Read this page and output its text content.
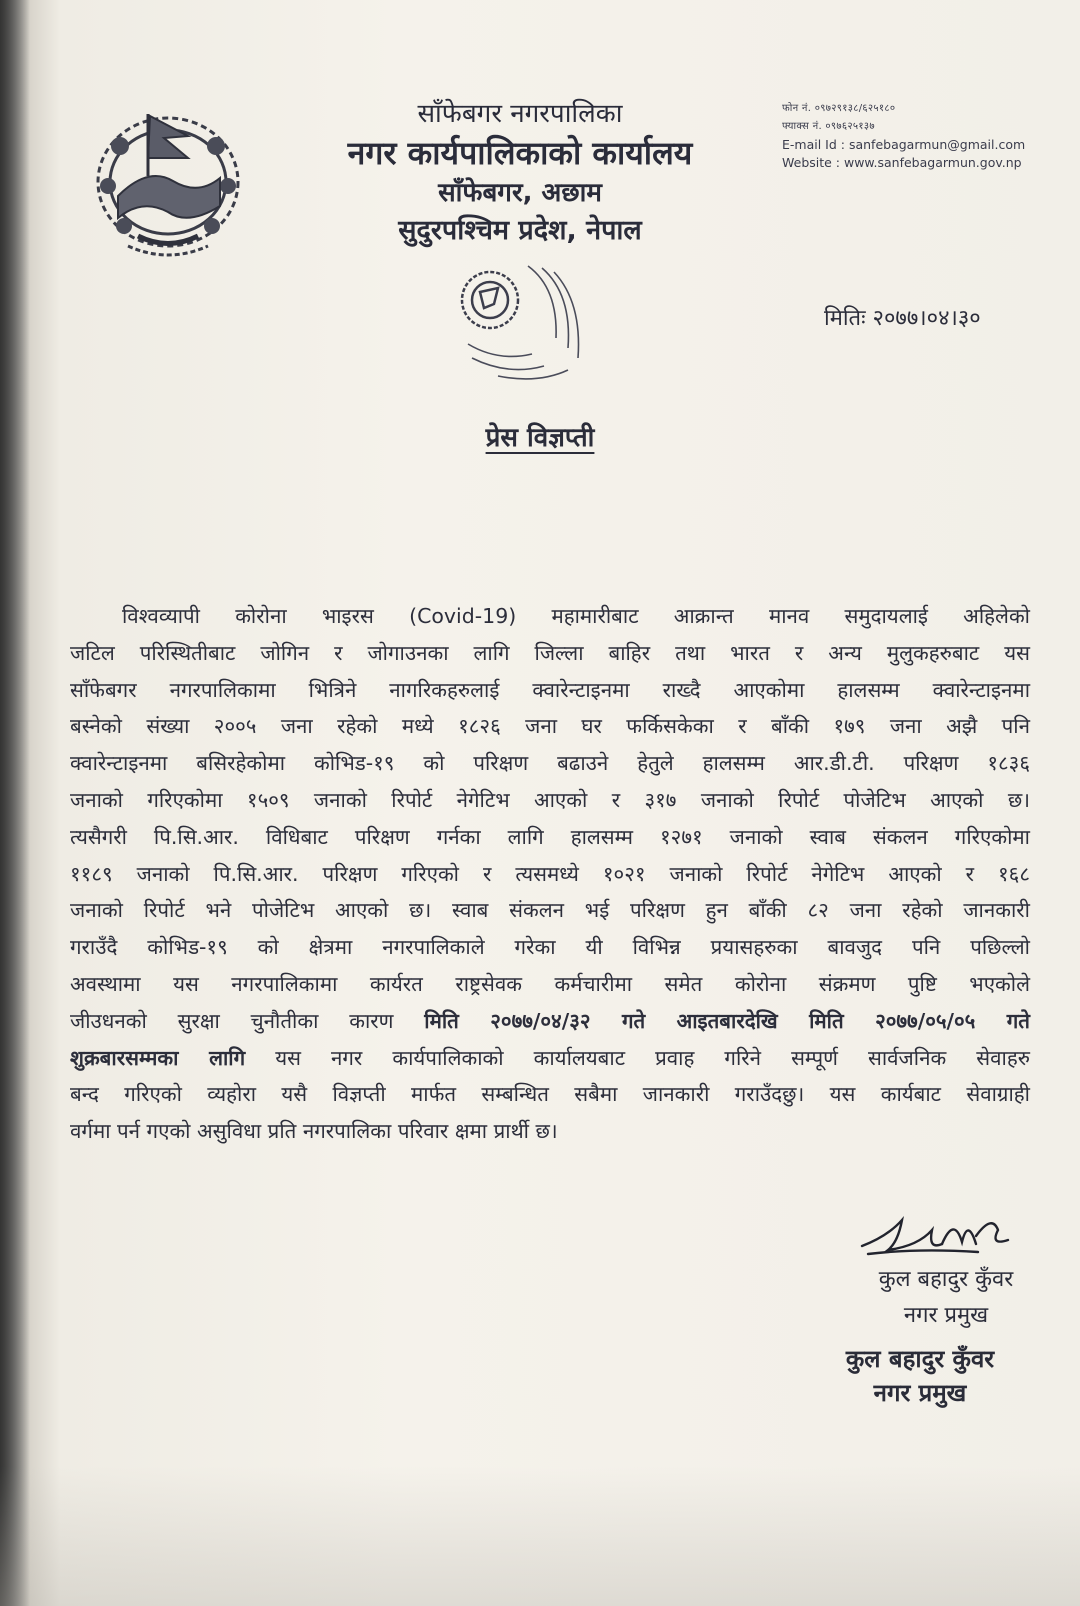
साँफेबगर नगरपालिका
नगर कार्यपालिकाको कार्यालय
साँफेबगर, अछाम
सुदुरपश्चिम प्रदेश, नेपाल
फोन नं. ०९७२९१३८/६२५१८०
फ्याक्स नं. ०९७६२५१३७
E-mail Id : sanfebagarmun@gmail.com
Website : www.sanfebagarmun.gov.np
मितिः २०७७।०४।३०
प्रेस विज्ञप्ती
विश्वव्यापी कोरोना भाइरस (Covid-19) महामारीबाट आक्रान्त मानव समुदायलाई अहिलेको
जटिल परिस्थितीबाट जोगिन र जोगाउनका लागि जिल्ला बाहिर तथा भारत र अन्य मुलुकहरुबाट यस
साँफेबगर नगरपालिकामा भित्रिने नागरिकहरुलाई क्वारेन्टाइनमा राख्दै आएकोमा हालसम्म क्वारेन्टाइनमा
बस्नेको संख्या २००५ जना रहेको मध्ये १८२६ जना घर फर्किसकेका र बाँकी १७९ जना अझै पनि
क्वारेन्टाइनमा बसिरहेकोमा कोभिड-१९ को परिक्षण बढाउने हेतुले हालसम्म आर.डी.टी. परिक्षण १८३६
जनाको गरिएकोमा १५०९ जनाको रिपोर्ट नेगेटिभ आएको र ३१७ जनाको रिपोर्ट पोजेटिभ आएको छ।
त्यसैगरी पि.सि.आर. विधिबाट परिक्षण गर्नका लागि हालसम्म १२७१ जनाको स्वाब संकलन गरिएकोमा
११८९ जनाको पि.सि.आर. परिक्षण गरिएको र त्यसमध्ये १०२१ जनाको रिपोर्ट नेगेटिभ आएको र १६८
जनाको रिपोर्ट भने पोजेटिभ आएको छ। स्वाब संकलन भई परिक्षण हुन बाँकी ८२ जना रहेको जानकारी
गराउँदै कोभिड-१९ को क्षेत्रमा नगरपालिकाले गरेका यी विभिन्न प्रयासहरुका बावजुद पनि पछिल्लो
अवस्थामा यस नगरपालिकामा कार्यरत राष्ट्रसेवक कर्मचारीमा समेत कोरोना संक्रमण पुष्टि भएकोले
जीउधनको सुरक्षा चुनौतीका कारण मिति २०७७/०४/३२ गते आइतबारदेखि मिति २०७७/०५/०५ गते
शुक्रबारसम्मका लागि यस नगर कार्यपालिकाको कार्यालयबाट प्रवाह गरिने सम्पूर्ण सार्वजनिक सेवाहरु
बन्द गरिएको व्यहोरा यसै विज्ञप्ती मार्फत सम्बन्धित सबैमा जानकारी गराउँदछु। यस कार्यबाट सेवाग्राही
वर्गमा पर्न गएको असुविधा प्रति नगरपालिका परिवार क्षमा प्रार्थी छ।
कुल बहादुर कुँवर
नगर प्रमुख
कुल बहादुर कुँवर
नगर प्रमुख
